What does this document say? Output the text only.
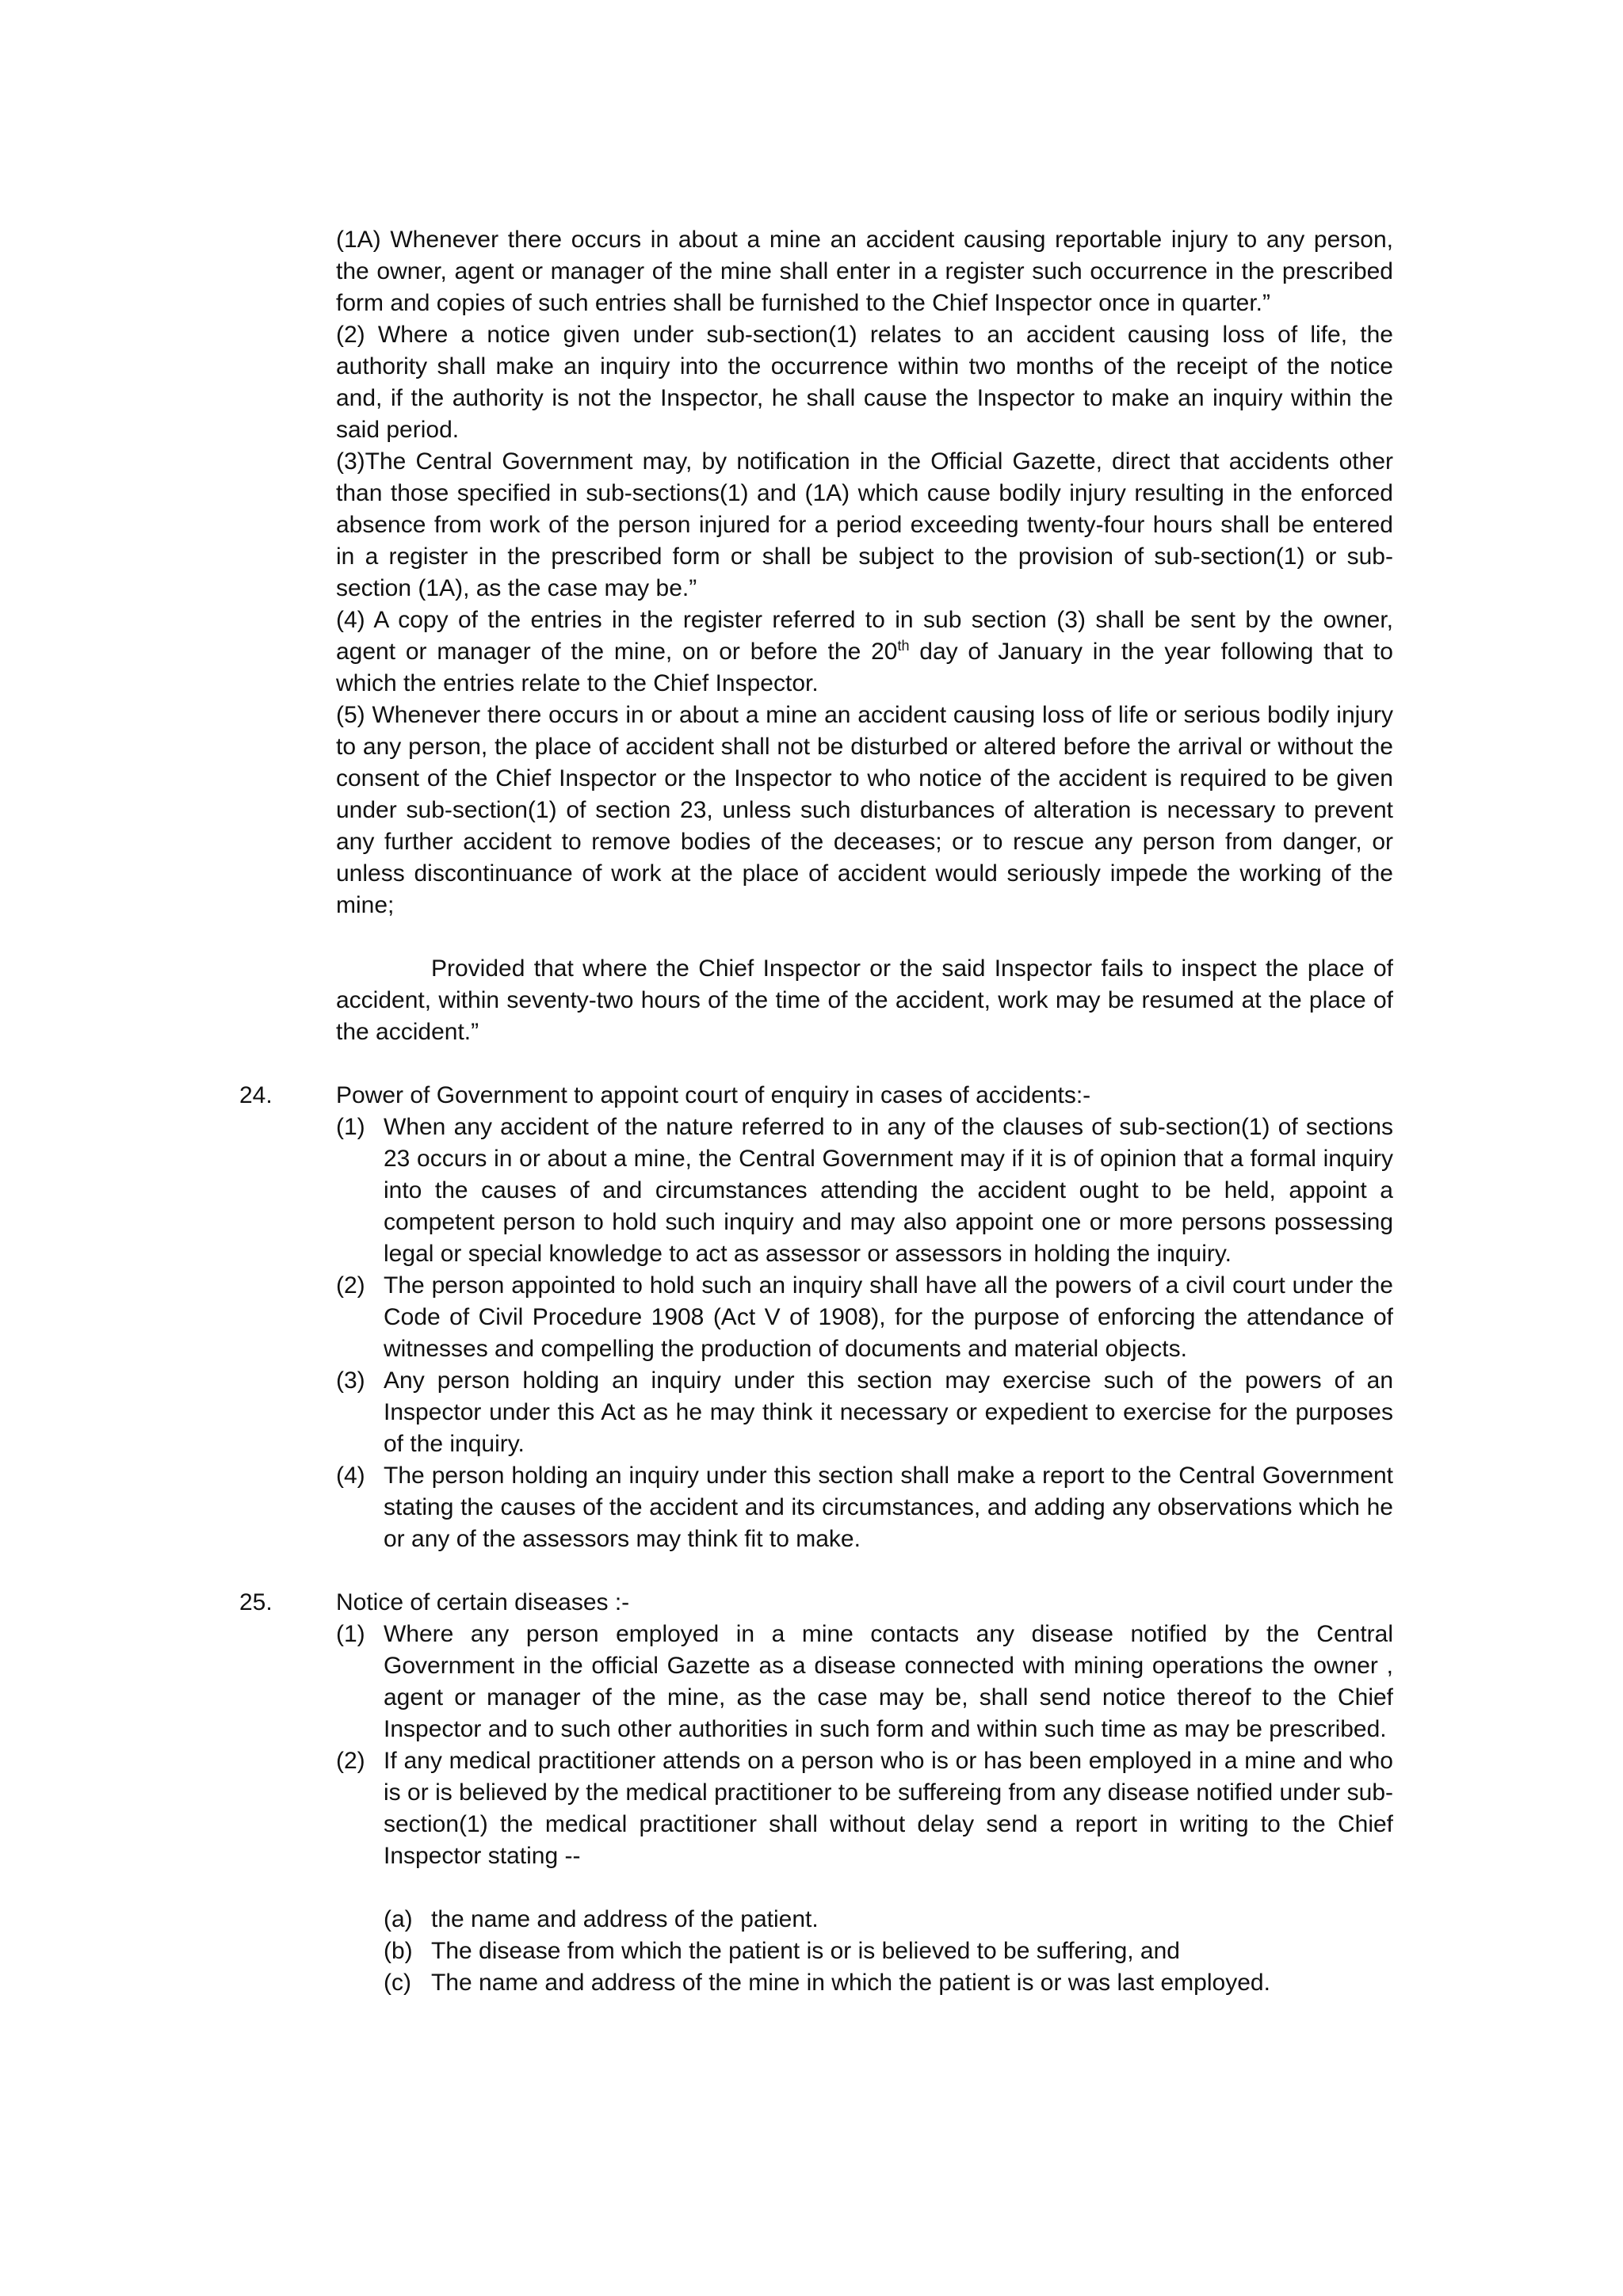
(1A) Whenever there occurs in about a mine an accident causing reportable injury to any person, the owner, agent or manager of the mine shall enter in a register such occurrence in the prescribed form and copies of such entries shall be furnished to the Chief Inspector once in quarter.”

(2) Where a notice given under sub-section(1) relates to an accident causing loss of life, the authority shall make an inquiry into the occurrence within two months of the receipt of the notice and, if the authority is not the Inspector, he shall cause the Inspector to make an inquiry within the said period.

(3)The Central Government may, by notification in the Official Gazette, direct that accidents other than those specified in sub-sections(1) and (1A) which cause bodily injury resulting in the enforced absence from work of the person injured for a period exceeding twenty-four hours shall be entered in a register in the prescribed form or shall be subject to the provision of sub-section(1) or sub-section (1A), as the case may be.”

(4) A copy of the entries in the register referred to in sub section (3) shall be sent by the owner, agent or manager of the mine, on or before the 20th day of January in the year following that to which the entries relate to the Chief Inspector.

(5) Whenever there occurs in or about a mine an accident causing loss of life or serious bodily injury to any person, the place of accident shall not be disturbed or altered before the arrival or without the consent of the Chief Inspector or the Inspector to who notice of the accident is required to be given under sub-section(1) of section 23, unless such disturbances of alteration is necessary to prevent any further accident to remove bodies of the deceases; or to rescue any person from danger, or unless discontinuance of work at the place of accident would seriously impede the working of the mine;

Provided that where the Chief Inspector or the said Inspector fails to inspect the place of accident, within seventy-two hours of the time of the accident, work may be resumed at the place of the accident.”

24.	Power of Government to appoint court of enquiry in cases of accidents:-

(1) When any accident of the nature referred to in any of the clauses of sub-section(1) of sections 23 occurs in or about a mine, the Central Government may if it is of opinion that a formal inquiry into the causes of and circumstances attending the accident ought to be held, appoint a competent person to hold such inquiry and may also appoint one or more persons possessing legal or special knowledge to act as assessor or assessors in holding the inquiry.
(2) The person appointed to hold such an inquiry shall have all the powers of a civil court under the Code of Civil Procedure 1908 (Act V of 1908), for the purpose of enforcing the attendance of witnesses and compelling the production of documents and material objects.
(3) Any person holding an inquiry under this section may exercise such of the powers of an Inspector under this Act as he may think it necessary or expedient to exercise for the purposes of the inquiry.
(4) The person holding an inquiry under this section shall make a report to the Central Government stating the causes of the accident and its circumstances, and adding any observations which he or any of the assessors may think fit to make.
25.	Notice of certain diseases :-

(1) Where any person employed in a mine contacts any disease notified by the Central Government in the official Gazette as a disease connected with mining operations the owner , agent or manager of the mine, as the case may be, shall send notice thereof to the Chief Inspector and to such other authorities in such form and within such time as may be prescribed.
(2) If any medical practitioner attends on a person who is or has been employed in a mine and who is or is believed by the medical practitioner to be suffereing from any disease notified under sub-section(1) the medical practitioner shall without delay send a report in writing to the Chief Inspector stating --
(a) the name and address of the patient.
(b) The disease from which the patient is or is believed to be suffering, and
(c) The name and address of the mine in which the patient is or was last employed.
